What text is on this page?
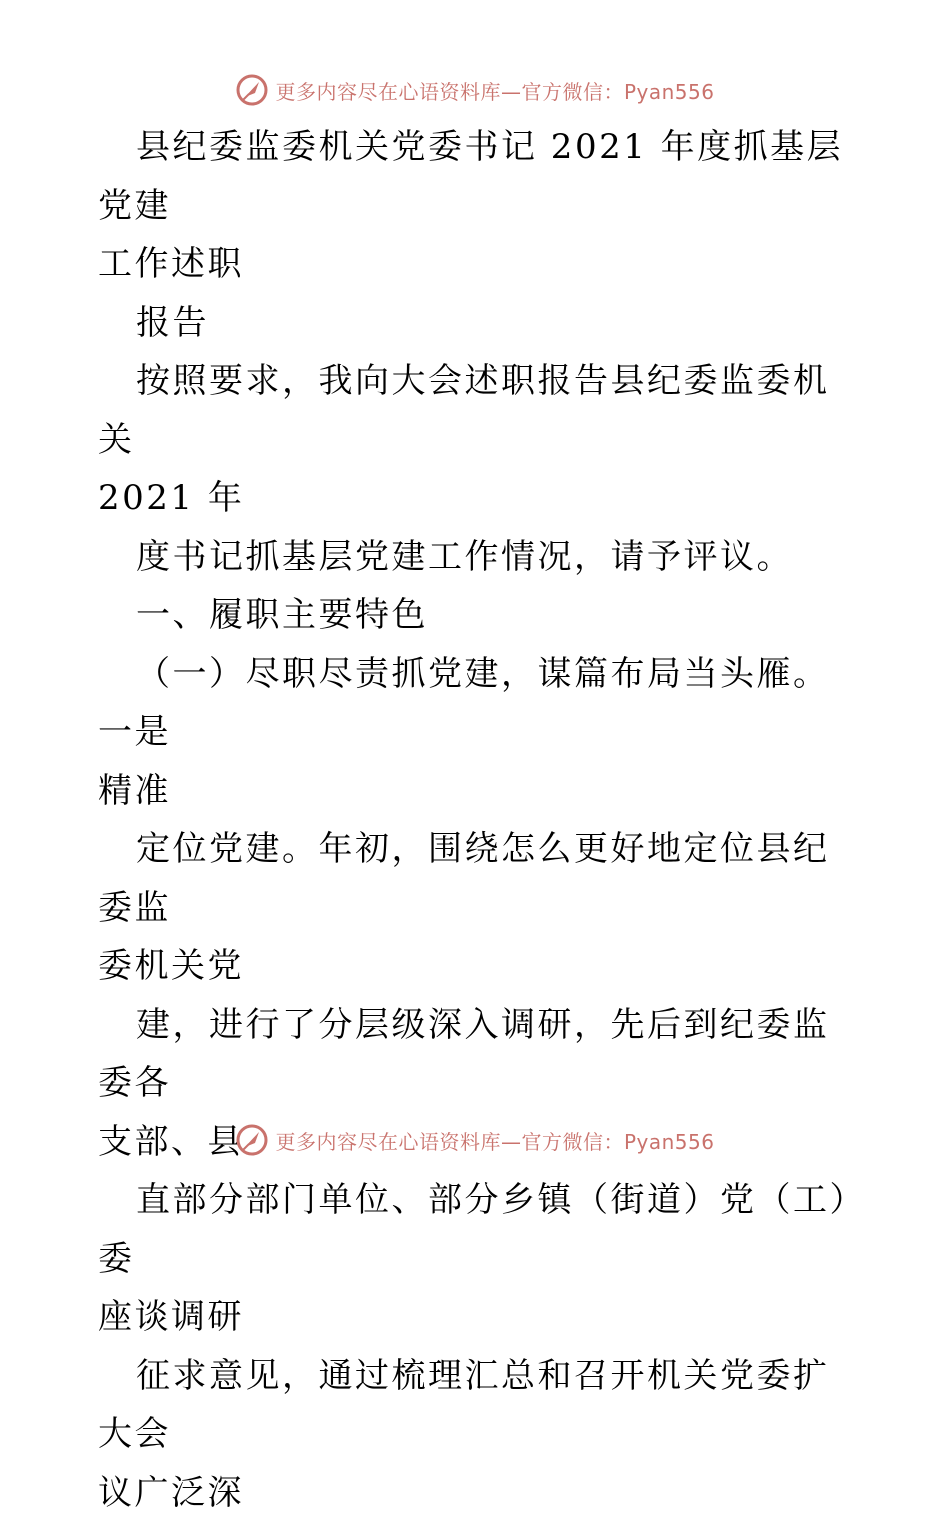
更多内容尽在心语资料库—官方微信：Pyan556

县纪委监委机关党委书记 2021 年度抓基层党建
工作述职

报告

按照要求，我向大会述职报告县纪委监委机关
2021 年

度书记抓基层党建工作情况，请予评议。

一、履职主要特色

（一）尽职尽责抓党建，谋篇布局当头雁。一是
精准

定位党建。年初，围绕怎么更好地定位县纪委监
委机关党

建，进行了分层级深入调研，先后到纪委监委各
支部、县

直部分部门单位、部分乡镇（街道）党（工）委
座谈调研

征求意见，通过梳理汇总和召开机关党委扩大会
议广泛深

更多内容尽在心语资料库—官方微信：Pyan556
